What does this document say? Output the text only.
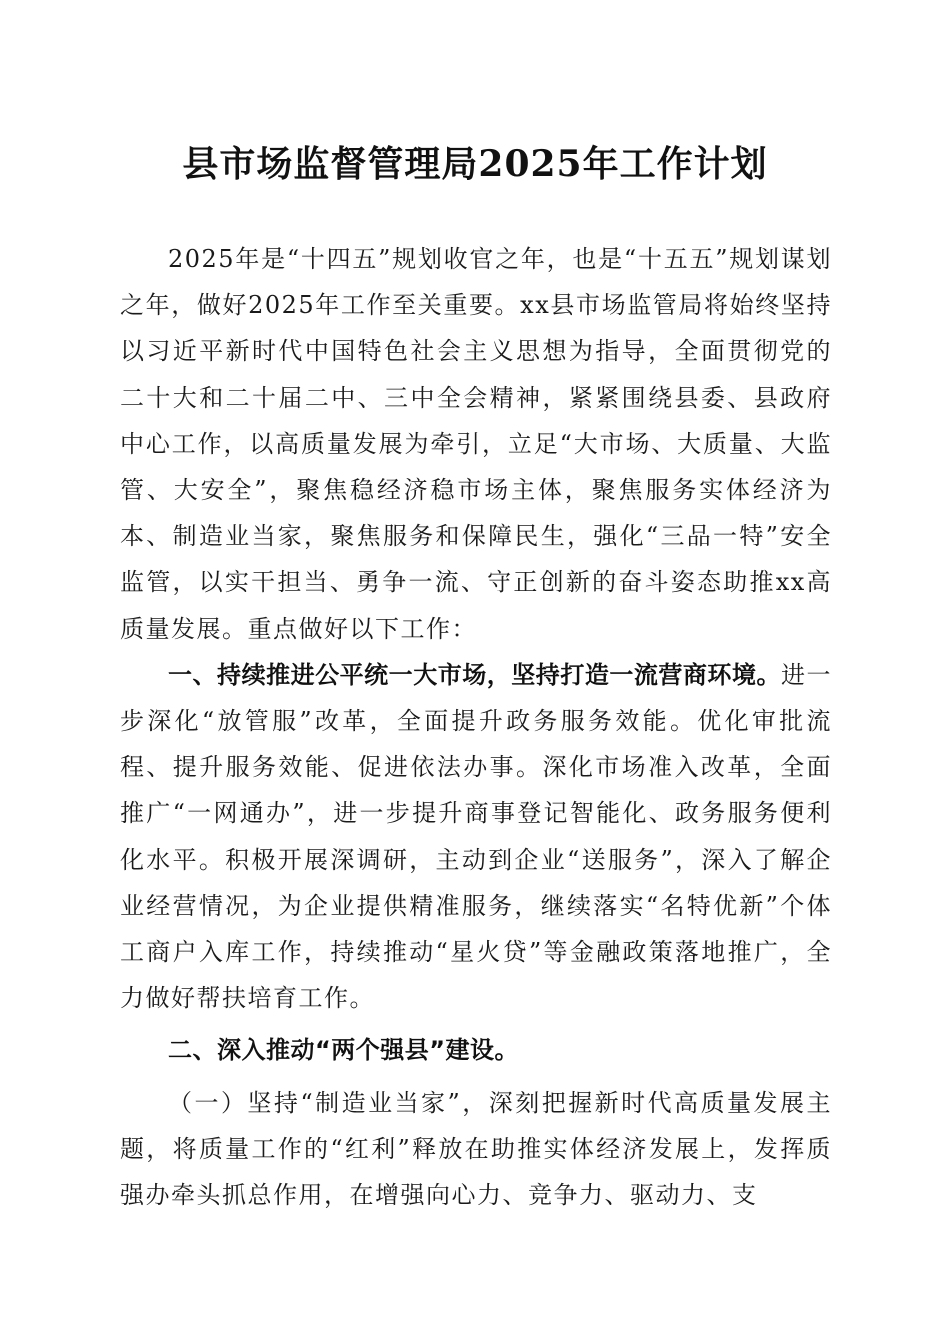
县市场监督管理局2025年工作计划

2025年是“十四五”规划收官之年，也是“十五五”规划谋划之年，做好2025年工作至关重要。xx县市场监管局将始终坚持以习近平新时代中国特色社会主义思想为指导，全面贯彻党的二十大和二十届二中、三中全会精神，紧紧围绕县委、县政府中心工作，以高质量发展为牵引，立足“大市场、大质量、大监管、大安全”，聚焦稳经济稳市场主体，聚焦服务实体经济为本、制造业当家，聚焦服务和保障民生，强化“三品一特”安全监管，以实干担当、勇争一流、守正创新的奋斗姿态助推xx高质量发展。重点做好以下工作：

一、持续推进公平统一大市场，坚持打造一流营商环境。进一步深化“放管服”改革，全面提升政务服务效能。优化审批流程、提升服务效能、促进依法办事。深化市场准入改革，全面推广“一网通办”，进一步提升商事登记智能化、政务服务便利化水平。积极开展深调研，主动到企业“送服务”，深入了解企业经营情况，为企业提供精准服务，继续落实“名特优新”个体工商户入库工作，持续推动“星火贷”等金融政策落地推广，全力做好帮扶培育工作。

二、深入推动“两个强县”建设。

（一）坚持“制造业当家”，深刻把握新时代高质量发展主题，将质量工作的“红利”释放在助推实体经济发展上，发挥质强办牵头抓总作用，在增强向心力、竞争力、驱动力、支
